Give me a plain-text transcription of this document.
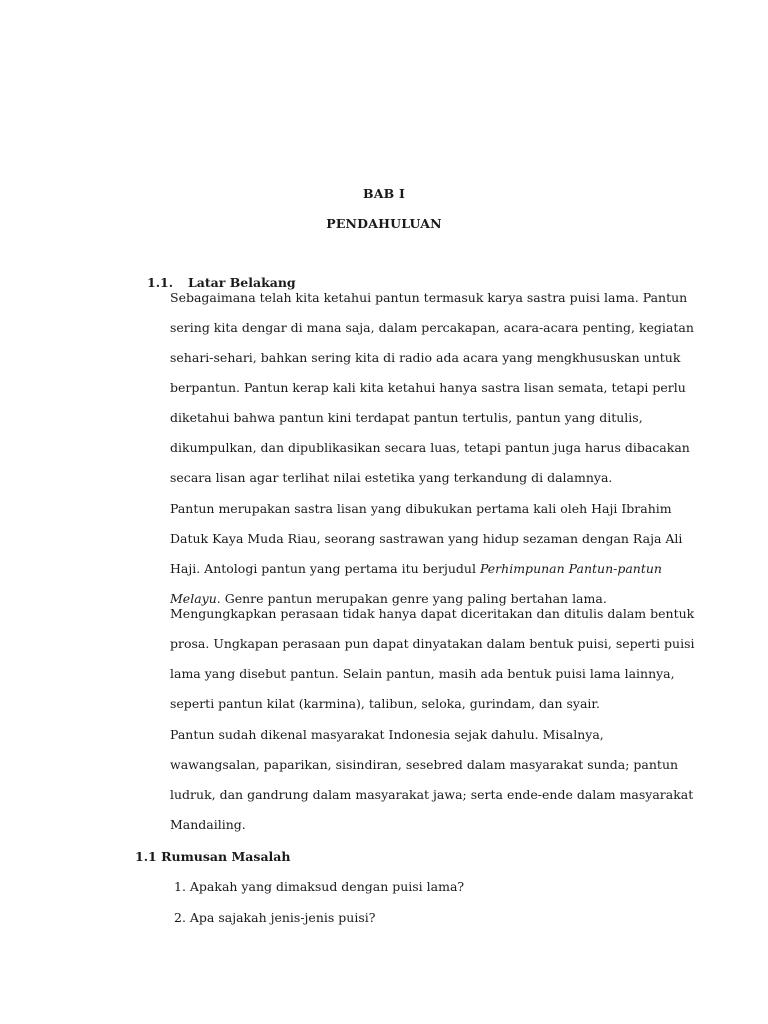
BAB I
PENDAHULUAN
1.1. Latar Belakang
Sebagaimana telah kita ketahui pantun termasuk karya sastra puisi lama. Pantun
sering kita dengar di mana saja, dalam percakapan, acara-acara penting, kegiatan
sehari-sehari, bahkan sering kita di radio ada acara yang mengkhususkan untuk
berpantun. Pantun kerap kali kita ketahui hanya sastra lisan semata, tetapi perlu
diketahui bahwa pantun kini terdapat pantun tertulis, pantun yang ditulis,
dikumpulkan, dan dipublikasikan secara luas, tetapi pantun juga harus dibacakan
secara lisan agar terlihat nilai estetika yang terkandung di dalamnya.
Pantun merupakan sastra lisan yang dibukukan pertama kali oleh Haji Ibrahim
Datuk Kaya Muda Riau, seorang sastrawan yang hidup sezaman dengan Raja Ali
Haji. Antologi pantun yang pertama itu berjudul Perhimpunan Pantun-pantun
Melayu. Genre pantun merupakan genre yang paling bertahan lama.
Mengungkapkan perasaan tidak hanya dapat diceritakan dan ditulis dalam bentuk
prosa. Ungkapan perasaan pun dapat dinyatakan dalam bentuk puisi, seperti puisi
lama yang disebut pantun. Selain pantun, masih ada bentuk puisi lama lainnya,
seperti pantun kilat (karmina), talibun, seloka, gurindam, dan syair.
Pantun sudah dikenal masyarakat Indonesia sejak dahulu. Misalnya,
wawangsalan, paparikan, sisindiran, sesebred dalam masyarakat sunda; pantun
ludruk, dan gandrung dalam masyarakat jawa; serta ende-ende dalam masyarakat
Mandailing.
1.1 Rumusan Masalah
1. Apakah yang dimaksud dengan puisi lama?
2. Apa sajakah jenis-jenis puisi?
